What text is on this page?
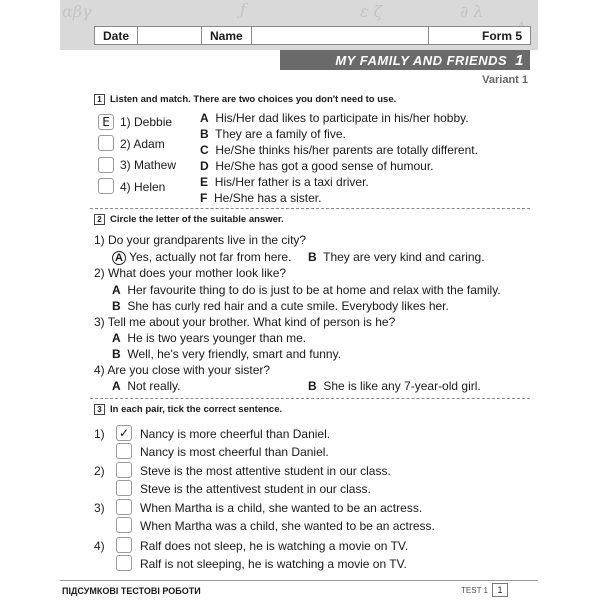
αβγ	ƒ	ε ζ	∂ λ
Date	Name	Form 5
MY FAMILY AND FRIENDS 1
Variant 1
1 Listen and match. There are two choices you don't need to use.
E 1) Debbie
2) Adam
3) Mathew
4) Helen
A His/Her dad likes to participate in his/her hobby.
B They are a family of five.
C He/She thinks his/her parents are totally different.
D He/She has got a good sense of humour.
E His/Her father is a taxi driver.
F He/She has a sister.
2 Circle the letter of the suitable answer.
1) Do your grandparents live in the city?
A Yes, actually not far from here. B They are very kind and caring.
2) What does your mother look like?
A Her favourite thing to do is just to be at home and relax with the family.
B She has curly red hair and a cute smile. Everybody likes her.
3) Tell me about your brother. What kind of person is he?
A He is two years younger than me.
B Well, he's very friendly, smart and funny.
4) Are you close with your sister?
A Not really.	B She is like any 7-year-old girl.
3 In each pair, tick the correct sentence.
1) ✓ Nancy is more cheerful than Daniel.
Nancy is most cheerful than Daniel.
2)	Steve is the most attentive student in our class.
Steve is the attentivest student in our class.
3)	When Martha is a child, she wanted to be an actress.
When Martha was a child, she wanted to be an actress.
4)	Ralf does not sleep, he is watching a movie on TV.
Ralf is not sleeping, he is watching a movie on TV.
ПІДСУМКОВІ ТЕСТОВІ РОБОТИ	TEST 1	1
